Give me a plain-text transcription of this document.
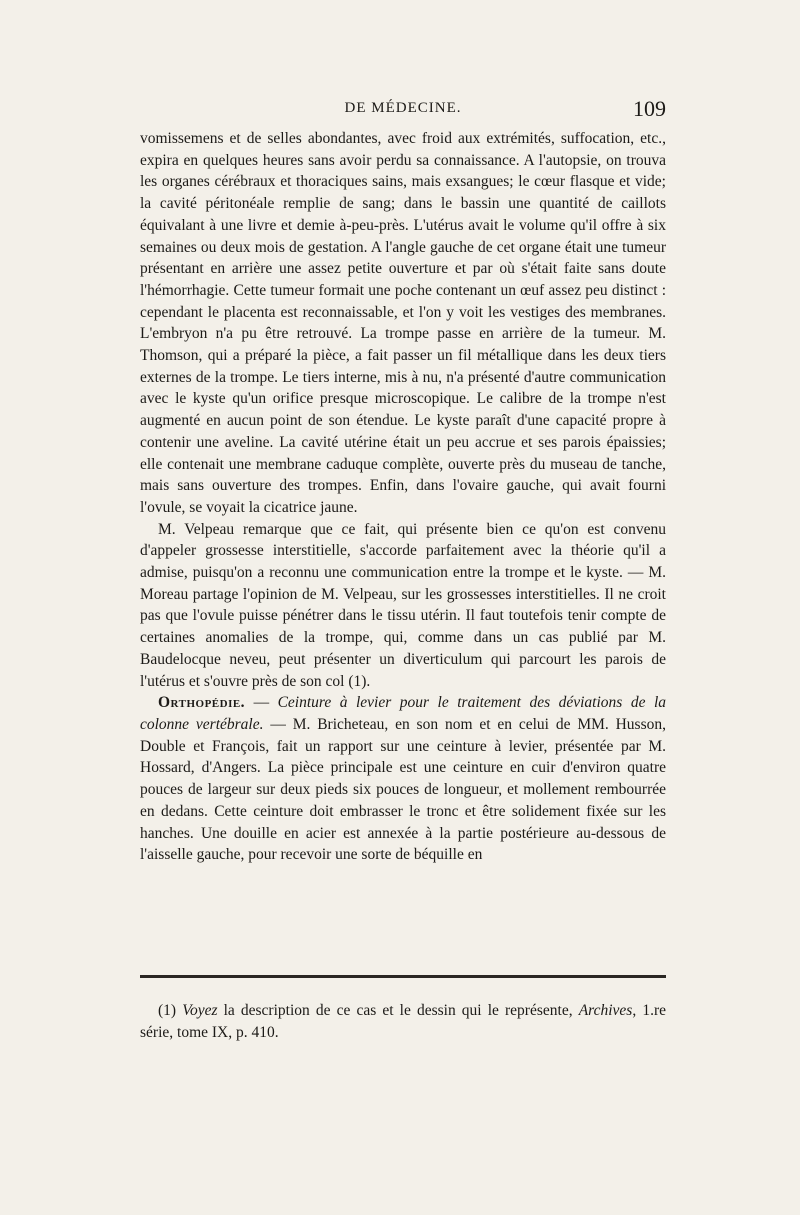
DE MÉDECINE.	109

vomissemens et de selles abondantes, avec froid aux extrémités, suffocation, etc., expira en quelques heures sans avoir perdu sa connaissance. A l'autopsie, on trouva les organes cérébraux et thoraciques sains, mais exsangues; le cœur flasque et vide; la cavité péritonéale remplie de sang; dans le bassin une quantité de caillots équivalant à une livre et demie à-peu-près. L'utérus avait le volume qu'il offre à six semaines ou deux mois de gestation. A l'angle gauche de cet organe était une tumeur présentant en arrière une assez petite ouverture et par où s'était faite sans doute l'hémorrhagie. Cette tumeur formait une poche contenant un œuf assez peu distinct : cependant le placenta est reconnaissable, et l'on y voit les vestiges des membranes. L'embryon n'a pu être retrouvé. La trompe passe en arrière de la tumeur. M. Thomson, qui a préparé la pièce, a fait passer un fil métallique dans les deux tiers externes de la trompe. Le tiers interne, mis à nu, n'a présenté d'autre communication avec le kyste qu'un orifice presque microscopique. Le calibre de la trompe n'est augmenté en aucun point de son étendue. Le kyste paraît d'une capacité propre à contenir une aveline. La cavité utérine était un peu accrue et ses parois épaissies; elle contenait une membrane caduque complète, ouverte près du museau de tanche, mais sans ouverture des trompes. Enfin, dans l'ovaire gauche, qui avait fourni l'ovule, se voyait la cicatrice jaune.

M. Velpeau remarque que ce fait, qui présente bien ce qu'on est convenu d'appeler grossesse interstitielle, s'accorde parfaitement avec la théorie qu'il a admise, puisqu'on a reconnu une communication entre la trompe et le kyste. — M. Moreau partage l'opinion de M. Velpeau, sur les grossesses interstitielles. Il ne croit pas que l'ovule puisse pénétrer dans le tissu utérin. Il faut toutefois tenir compte de certaines anomalies de la trompe, qui, comme dans un cas publié par M. Baudelocque neveu, peut présenter un diverticulum qui parcourt les parois de l'utérus et s'ouvre près de son col (1).

Orthopédie. — Ceinture à levier pour le traitement des déviations de la colonne vertébrale. — M. Bricheteau, en son nom et en celui de MM. Husson, Double et François, fait un rapport sur une ceinture à levier, présentée par M. Hossard, d'Angers. La pièce principale est une ceinture en cuir d'environ quatre pouces de largeur sur deux pieds six pouces de longueur, et mollement rembourrée en dedans. Cette ceinture doit embrasser le tronc et être solidement fixée sur les hanches. Une douille en acier est annexée à la partie postérieure au-dessous de l'aisselle gauche, pour recevoir une sorte de béquille en

(1) Voyez la description de ce cas et le dessin qui le représente, Archives, 1.re série, tome IX, p. 410.
